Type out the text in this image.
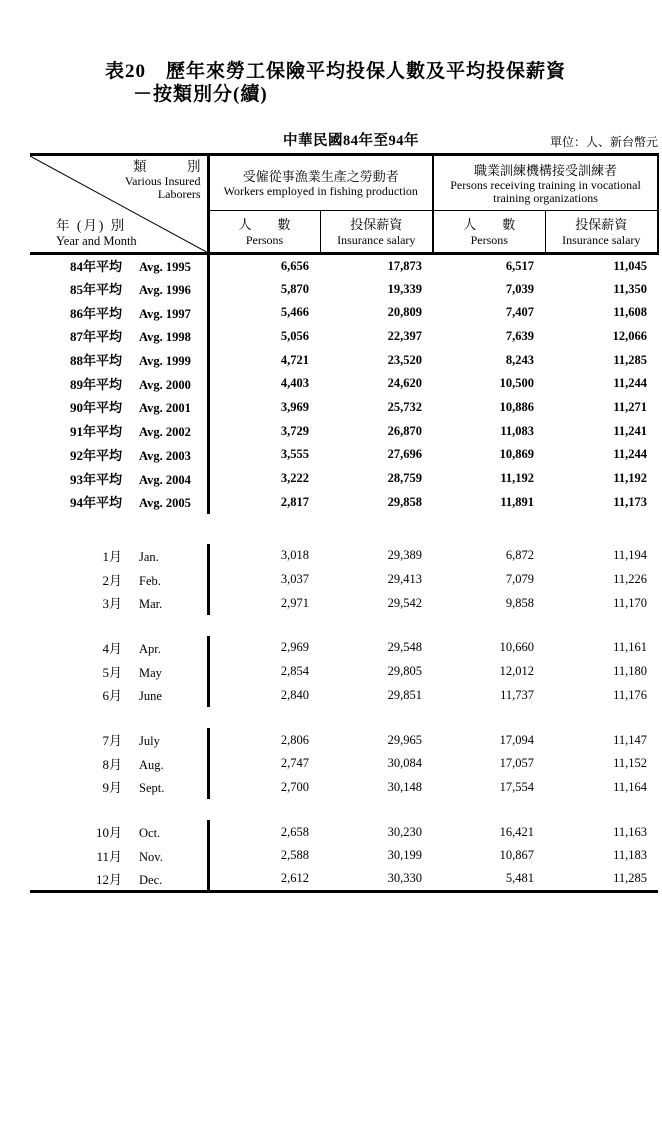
表20　歷年來勞工保險平均投保人數及平均投保薪資
－按類別分(續)
中華民國84年至94年	單位：人、新台幣元
類　　　別
Various Insured Laborers
年 (月) 別
Year and Month

受僱從事漁業生產之勞動者
Workers employed in fishing production

職業訓練機構接受訓練者
Persons receiving training in vocational training organizations

人　　數
Persons

投保薪資
Insurance salary

人　　數
Persons

投保薪資
Insurance salary

84年平均 Avg. 1995	6,656	17,873	6,517	11,045
85年平均 Avg. 1996	5,870	19,339	7,039	11,350
86年平均 Avg. 1997	5,466	20,809	7,407	11,608
87年平均 Avg. 1998	5,056	22,397	7,639	12,066
88年平均 Avg. 1999	4,721	23,520	8,243	11,285
89年平均 Avg. 2000	4,403	24,620	10,500	11,244
90年平均 Avg. 2001	3,969	25,732	10,886	11,271
91年平均 Avg. 2002	3,729	26,870	11,083	11,241
92年平均 Avg. 2003	3,555	27,696	10,869	11,244
93年平均 Avg. 2004	3,222	28,759	11,192	11,192
94年平均 Avg. 2005	2,817	29,858	11,891	11,173

1月 Jan.	3,018	29,389	6,872	11,194
2月 Feb.	3,037	29,413	7,079	11,226
3月 Mar.	2,971	29,542	9,858	11,170

4月 Apr.	2,969	29,548	10,660	11,161
5月 May	2,854	29,805	12,012	11,180
6月 June	2,840	29,851	11,737	11,176

7月 July	2,806	29,965	17,094	11,147
8月 Aug.	2,747	30,084	17,057	11,152
9月 Sept.	2,700	30,148	17,554	11,164

10月 Oct.	2,658	30,230	16,421	11,163
11月 Nov.	2,588	30,199	10,867	11,183
12月 Dec.	2,612	30,330	5,481	11,285
